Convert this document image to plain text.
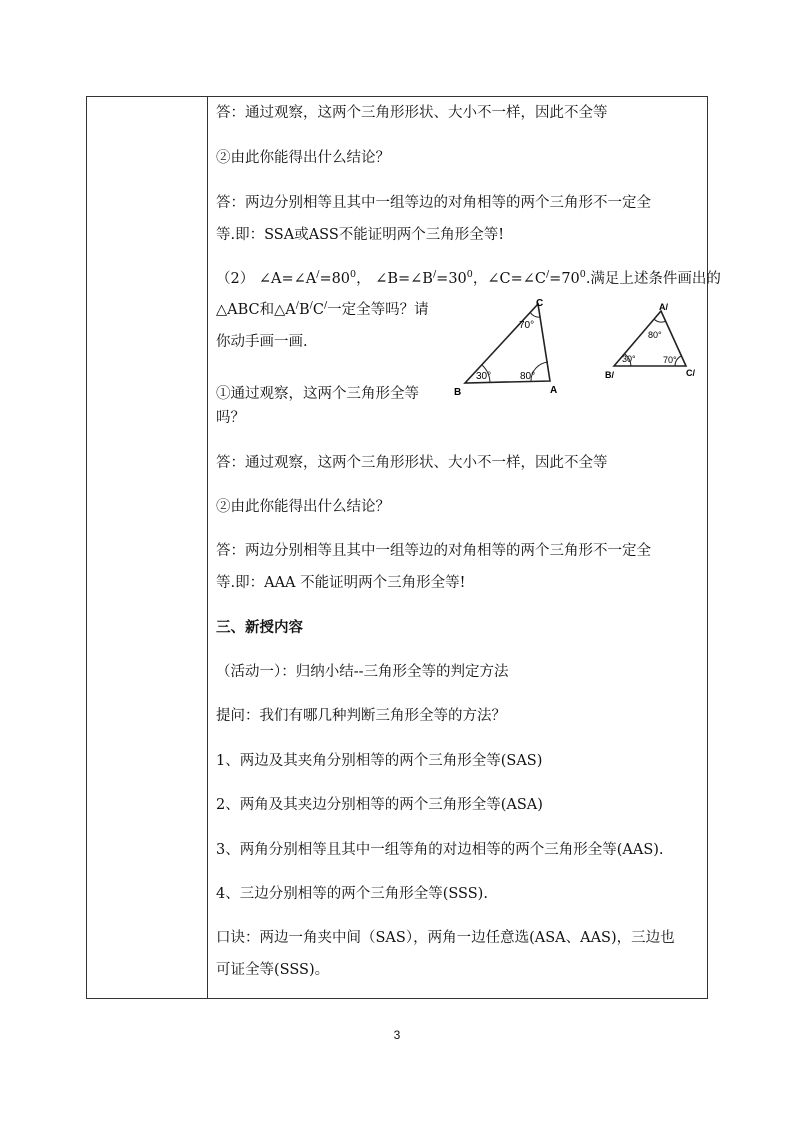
答：通过观察，这两个三角形形状、大小不一样，因此不全等
②由此你能得出什么结论？
答：两边分别相等且其中一组等边的对角相等的两个三角形不一定全
等.即：SSA或ASS不能证明两个三角形全等!
（2） $\angle A=\angle A^/=80^0$， $\angle B=\angle B^/=30^0$，$\angle C=\angle C^/=70^0$.满足上述条件画出的
△ABC和△A/B/C/一定全等吗？请
你动手画一画.
①通过观察，这两个三角形全等
吗？
B
C
A
30°	80°
70°
B/
A/
C/
30°	70°
80°
答：通过观察，这两个三角形形状、大小不一样，因此不全等
②由此你能得出什么结论？
答：两边分别相等且其中一组等边的对角相等的两个三角形不一定全
等.即：AAA 不能证明两个三角形全等!
三、新授内容
（活动一）：归纳小结--三角形全等的判定方法
提问：我们有哪几种判断三角形全等的方法？
1、两边及其夹角分别相等的两个三角形全等(SAS)
2、两角及其夹边分别相等的两个三角形全等(ASA)
3、两角分别相等且其中一组等角的对边相等的两个三角形全等(AAS).
4、三边分别相等的两个三角形全等(SSS).
口诀：两边一角夹中间（SAS），两角一边任意选(ASA、AAS)，三边也
可证全等(SSS)。
3
